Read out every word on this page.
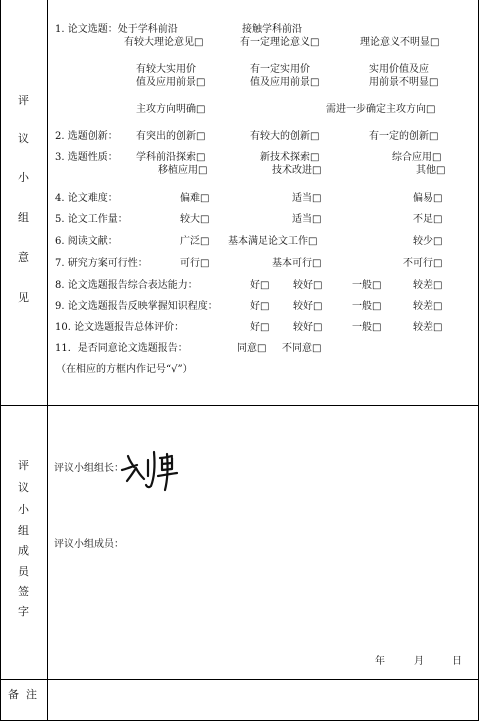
评
议
小
组
意
见
评
议
小
组
成
员
签
字
备  注
1. 论文选题：处于学科前沿	接触学科前沿
有较大理论意见□	有一定理论意义□	理论意义不明显□
有较大实用价	有一定实用价	实用价值及应
值及应用前景□	值及应用前景□	用前景不明显□
主攻方向明确□	需进一步确定主攻方向□
2. 选题创新： 有突出的创新□	有较大的创新□	有一定的创新□
3. 选题性质： 学科前沿探索□	新技术探索□	综合应用□
移植应用□	技术改进□	其他□
4. 论文难度：	偏难□	适当□	偏易□
5. 论文工作量：	较大□	适当□	不足□
6. 阅读文献：	广泛□ 基本满足论文工作□	较少□
7. 研究方案可行性：	可行□	基本可行□	不可行□
8. 论文选题报告综合表达能力：	好□ 较好□	一般□	较差□
9. 论文选题报告反映掌握知识程度：	好□ 较好□	一般□	较差□
10. 论文选题报告总体评价：	好□ 较好□	一般□	较差□
11．是否同意论文选题报告：	同意□ 不同意□
（在相应的方框内作记号“√”）
评议小组组长：
评议小组成员：
年	月	日
